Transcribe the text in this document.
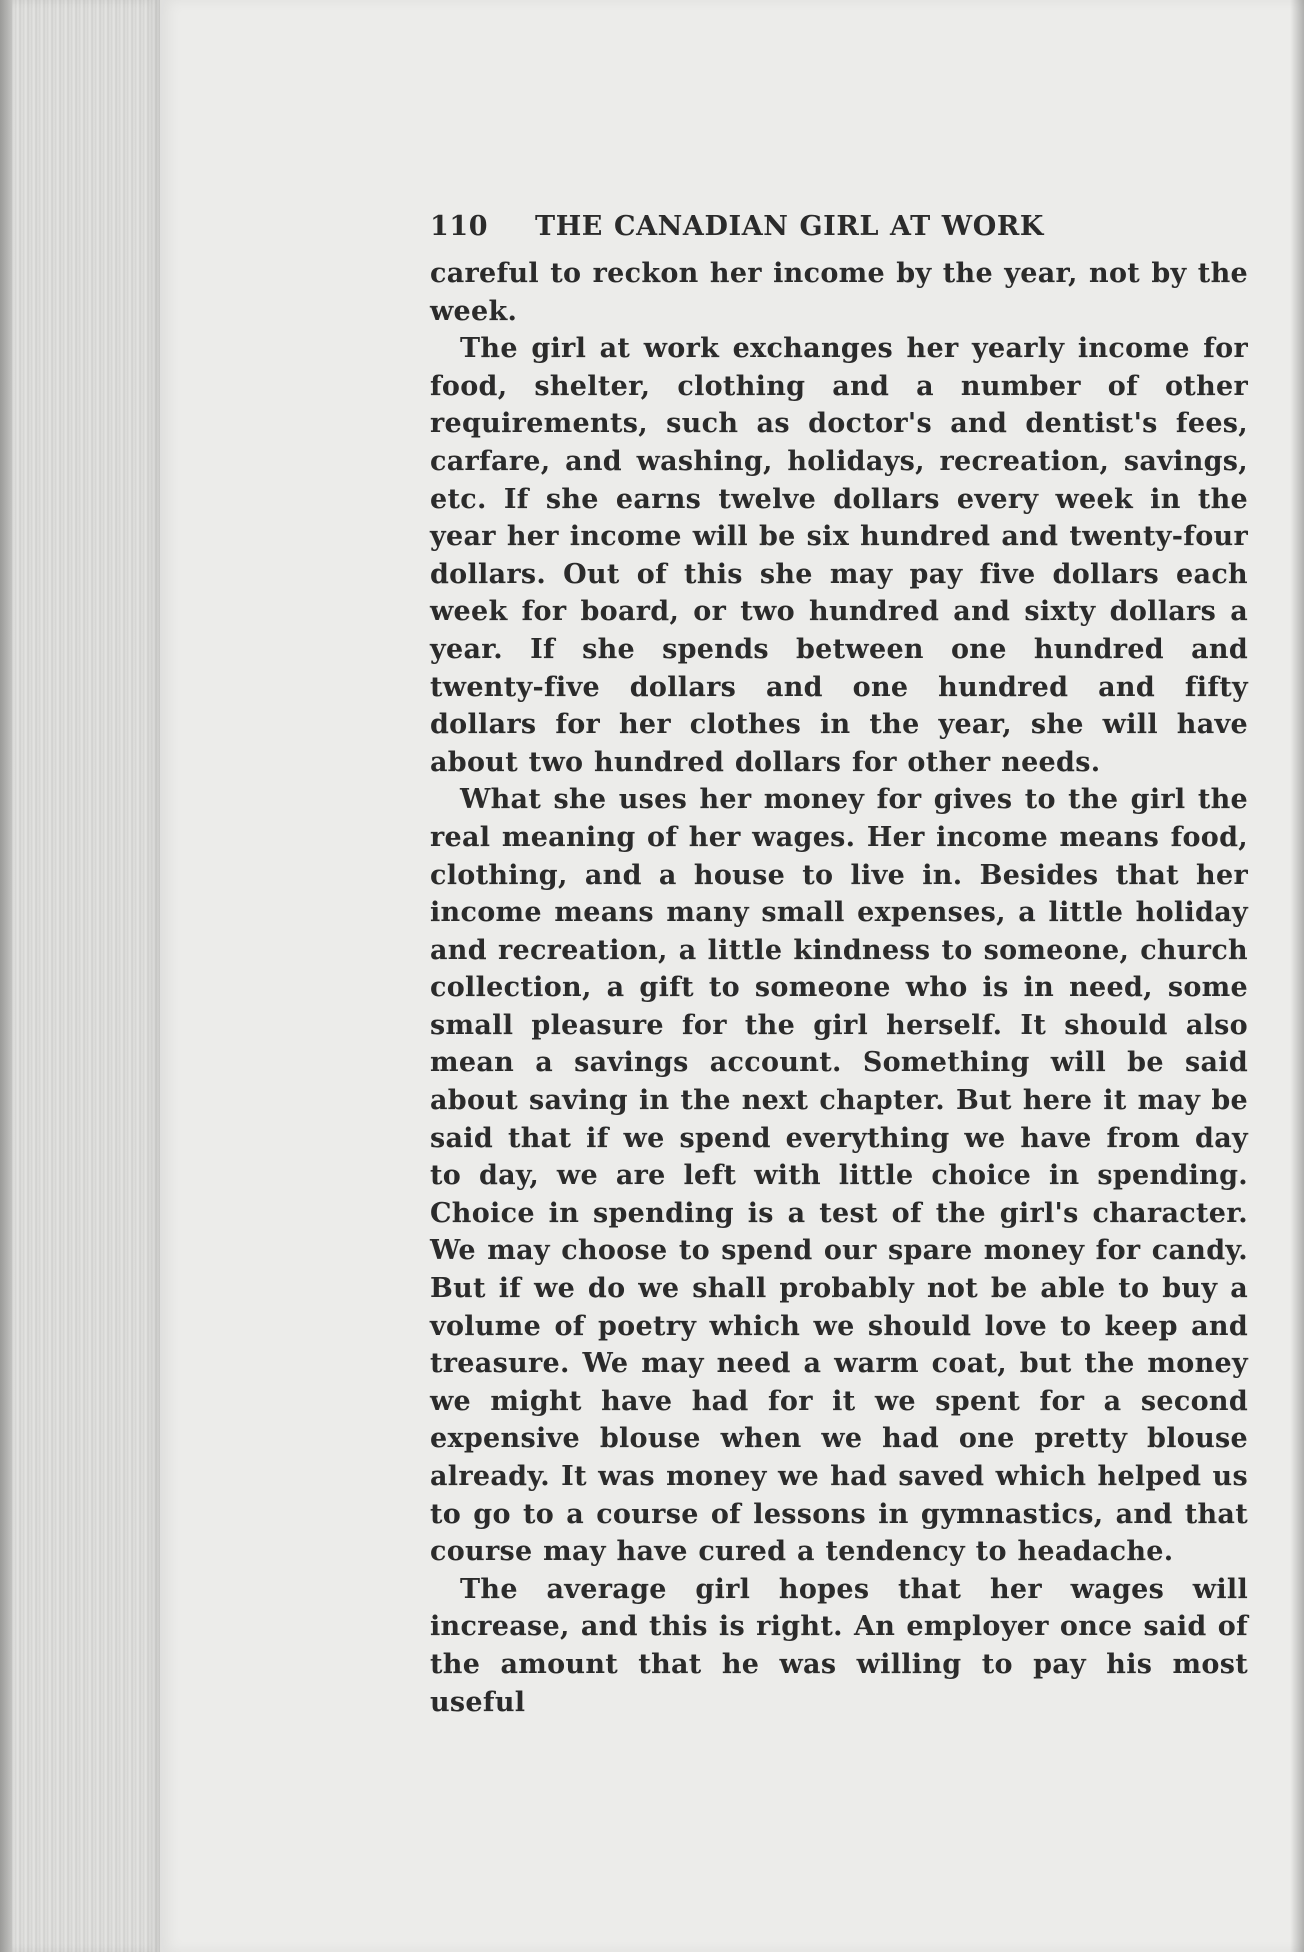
110	THE CANADIAN GIRL AT WORK

careful to reckon her income by the year, not by the week.

The girl at work exchanges her yearly income for food, shelter, clothing and a number of other requirements, such as doctor's and dentist's fees, carfare, and washing, holidays, recreation, savings, etc. If she earns twelve dollars every week in the year her income will be six hundred and twenty-four dollars. Out of this she may pay five dollars each week for board, or two hundred and sixty dollars a year. If she spends between one hundred and twenty-five dollars and one hundred and fifty dollars for her clothes in the year, she will have about two hundred dollars for other needs.

What she uses her money for gives to the girl the real meaning of her wages. Her income means food, clothing, and a house to live in. Besides that her income means many small expenses, a little holiday and recreation, a little kindness to someone, church collection, a gift to someone who is in need, some small pleasure for the girl herself. It should also mean a savings account. Something will be said about saving in the next chapter. But here it may be said that if we spend everything we have from day to day, we are left with little choice in spending. Choice in spending is a test of the girl's character. We may choose to spend our spare money for candy. But if we do we shall probably not be able to buy a volume of poetry which we should love to keep and treasure. We may need a warm coat, but the money we might have had for it we spent for a second expensive blouse when we had one pretty blouse already. It was money we had saved which helped us to go to a course of lessons in gymnastics, and that course may have cured a tendency to headache.

The average girl hopes that her wages will increase, and this is right. An employer once said of the amount that he was willing to pay his most useful
